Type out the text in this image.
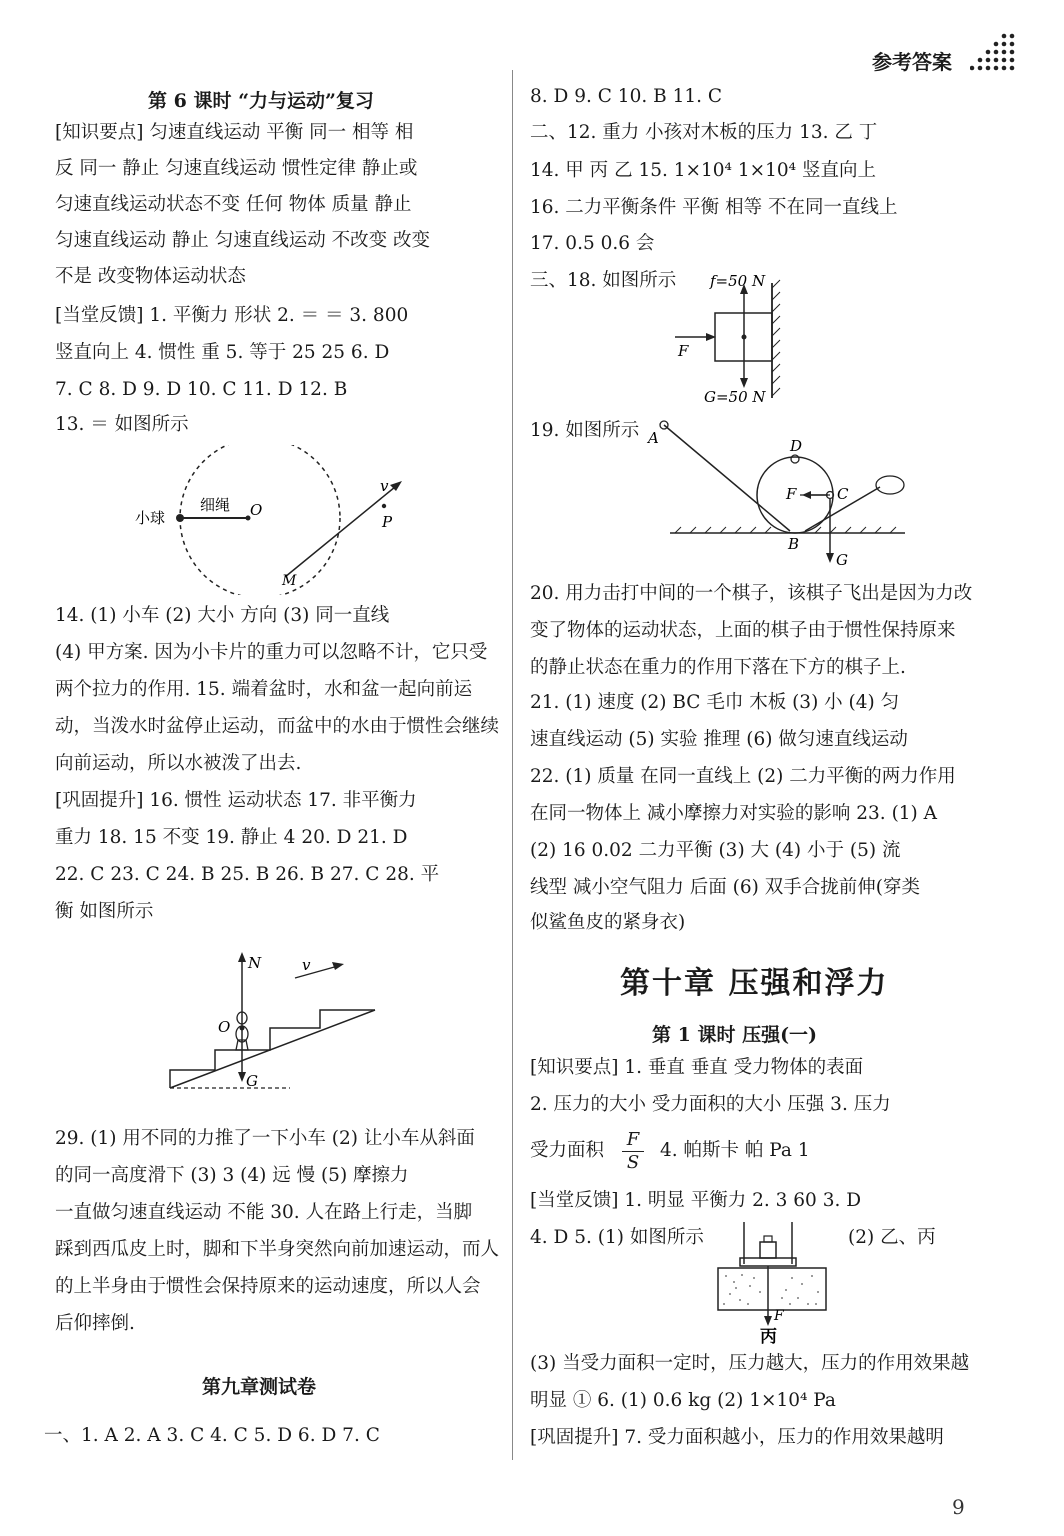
参考答案
第 6 课时 “力与运动”复习
[知识要点] 匀速直线运动 平衡 同一 相等 相
反 同一 静止 匀速直线运动 惯性定律 静止或
匀速直线运动状态不变 任何 物体 质量 静止
匀速直线运动 静止 匀速直线运动 不改变 改变
不是 改变物体运动状态
[当堂反馈] 1. 平衡力 形状 2. ＝ ＝ 3. 800
竖直向上 4. 惯性 重 5. 等于 25 25 6. D
7. C 8. D 9. D 10. C 11. D 12. B
13. ＝ 如图所示
小球
细绳 O
v
P
M
14. (1) 小车 (2) 大小 方向 (3) 同一直线
(4) 甲方案. 因为小卡片的重力可以忽略不计，它只受
两个拉力的作用. 15. 端着盆时，水和盆一起向前运
动，当泼水时盆停止运动，而盆中的水由于惯性会继续
向前运动，所以水被泼了出去.
[巩固提升] 16. 惯性 运动状态 17. 非平衡力
重力 18. 15 不变 19. 静止 4 20. D 21. D
22. C 23. C 24. B 25. B 26. B 27. C 28. 平
衡 如图所示
N
O
v
G
29. (1) 用不同的力推了一下小车 (2) 让小车从斜面
的同一高度滑下 (3) 3 (4) 远 慢 (5) 摩擦力
一直做匀速直线运动 不能 30. 人在路上行走，当脚
踩到西瓜皮上时，脚和下半身突然向前加速运动，而人
的上半身由于惯性会保持原来的运动速度，所以人会
后仰摔倒.
第九章测试卷
一、1. A 2. A 3. C 4. C 5. D 6. D 7. C
8. D 9. C 10. B 11. C
二、12. 重力 小孩对木板的压力 13. 乙 丁
14. 甲 丙 乙 15. 1×10⁴ 1×10⁴ 竖直向上
16. 二力平衡条件 平衡 相等 不在同一直线上
17. 0.5 0.6 会
三、18. 如图所示 f=50 N
F
G=50 N
19. 如图所示 A	D
F	C
B
G
20. 用力击打中间的一个棋子，该棋子飞出是因为力改
变了物体的运动状态，上面的棋子由于惯性保持原来
的静止状态在重力的作用下落在下方的棋子上.
21. (1) 速度 (2) BC 毛巾 木板 (3) 小 (4) 匀
速直线运动 (5) 实验 推理 (6) 做匀速直线运动
22. (1) 质量 在同一直线上 (2) 二力平衡的两力作用
在同一物体上 减小摩擦力对实验的影响 23. (1) A
(2) 16 0.02 二力平衡 (3) 大 (4) 小于 (5) 流
线型 减小空气阻力 后面 (6) 双手合拢前伸(穿类
似鲨鱼皮的紧身衣)
第十章 压强和浮力
第 1 课时 压强(一)
[知识要点] 1. 垂直 垂直 受力物体的表面
2. 压力的大小 受力面积的大小 压强 3. 压力
受力面积
F
S
4. 帕斯卡 帕 Pa 1
[当堂反馈] 1. 明显 平衡力 2. 3 60 3. D
4. D 5. (1) 如图所示	(2) 乙、丙
F
丙
(3) 当受力面积一定时，压力越大，压力的作用效果越
明显 ① 6. (1) 0.6 kg (2) 1×10⁴ Pa
[巩固提升] 7. 受力面积越小，压力的作用效果越明
9
